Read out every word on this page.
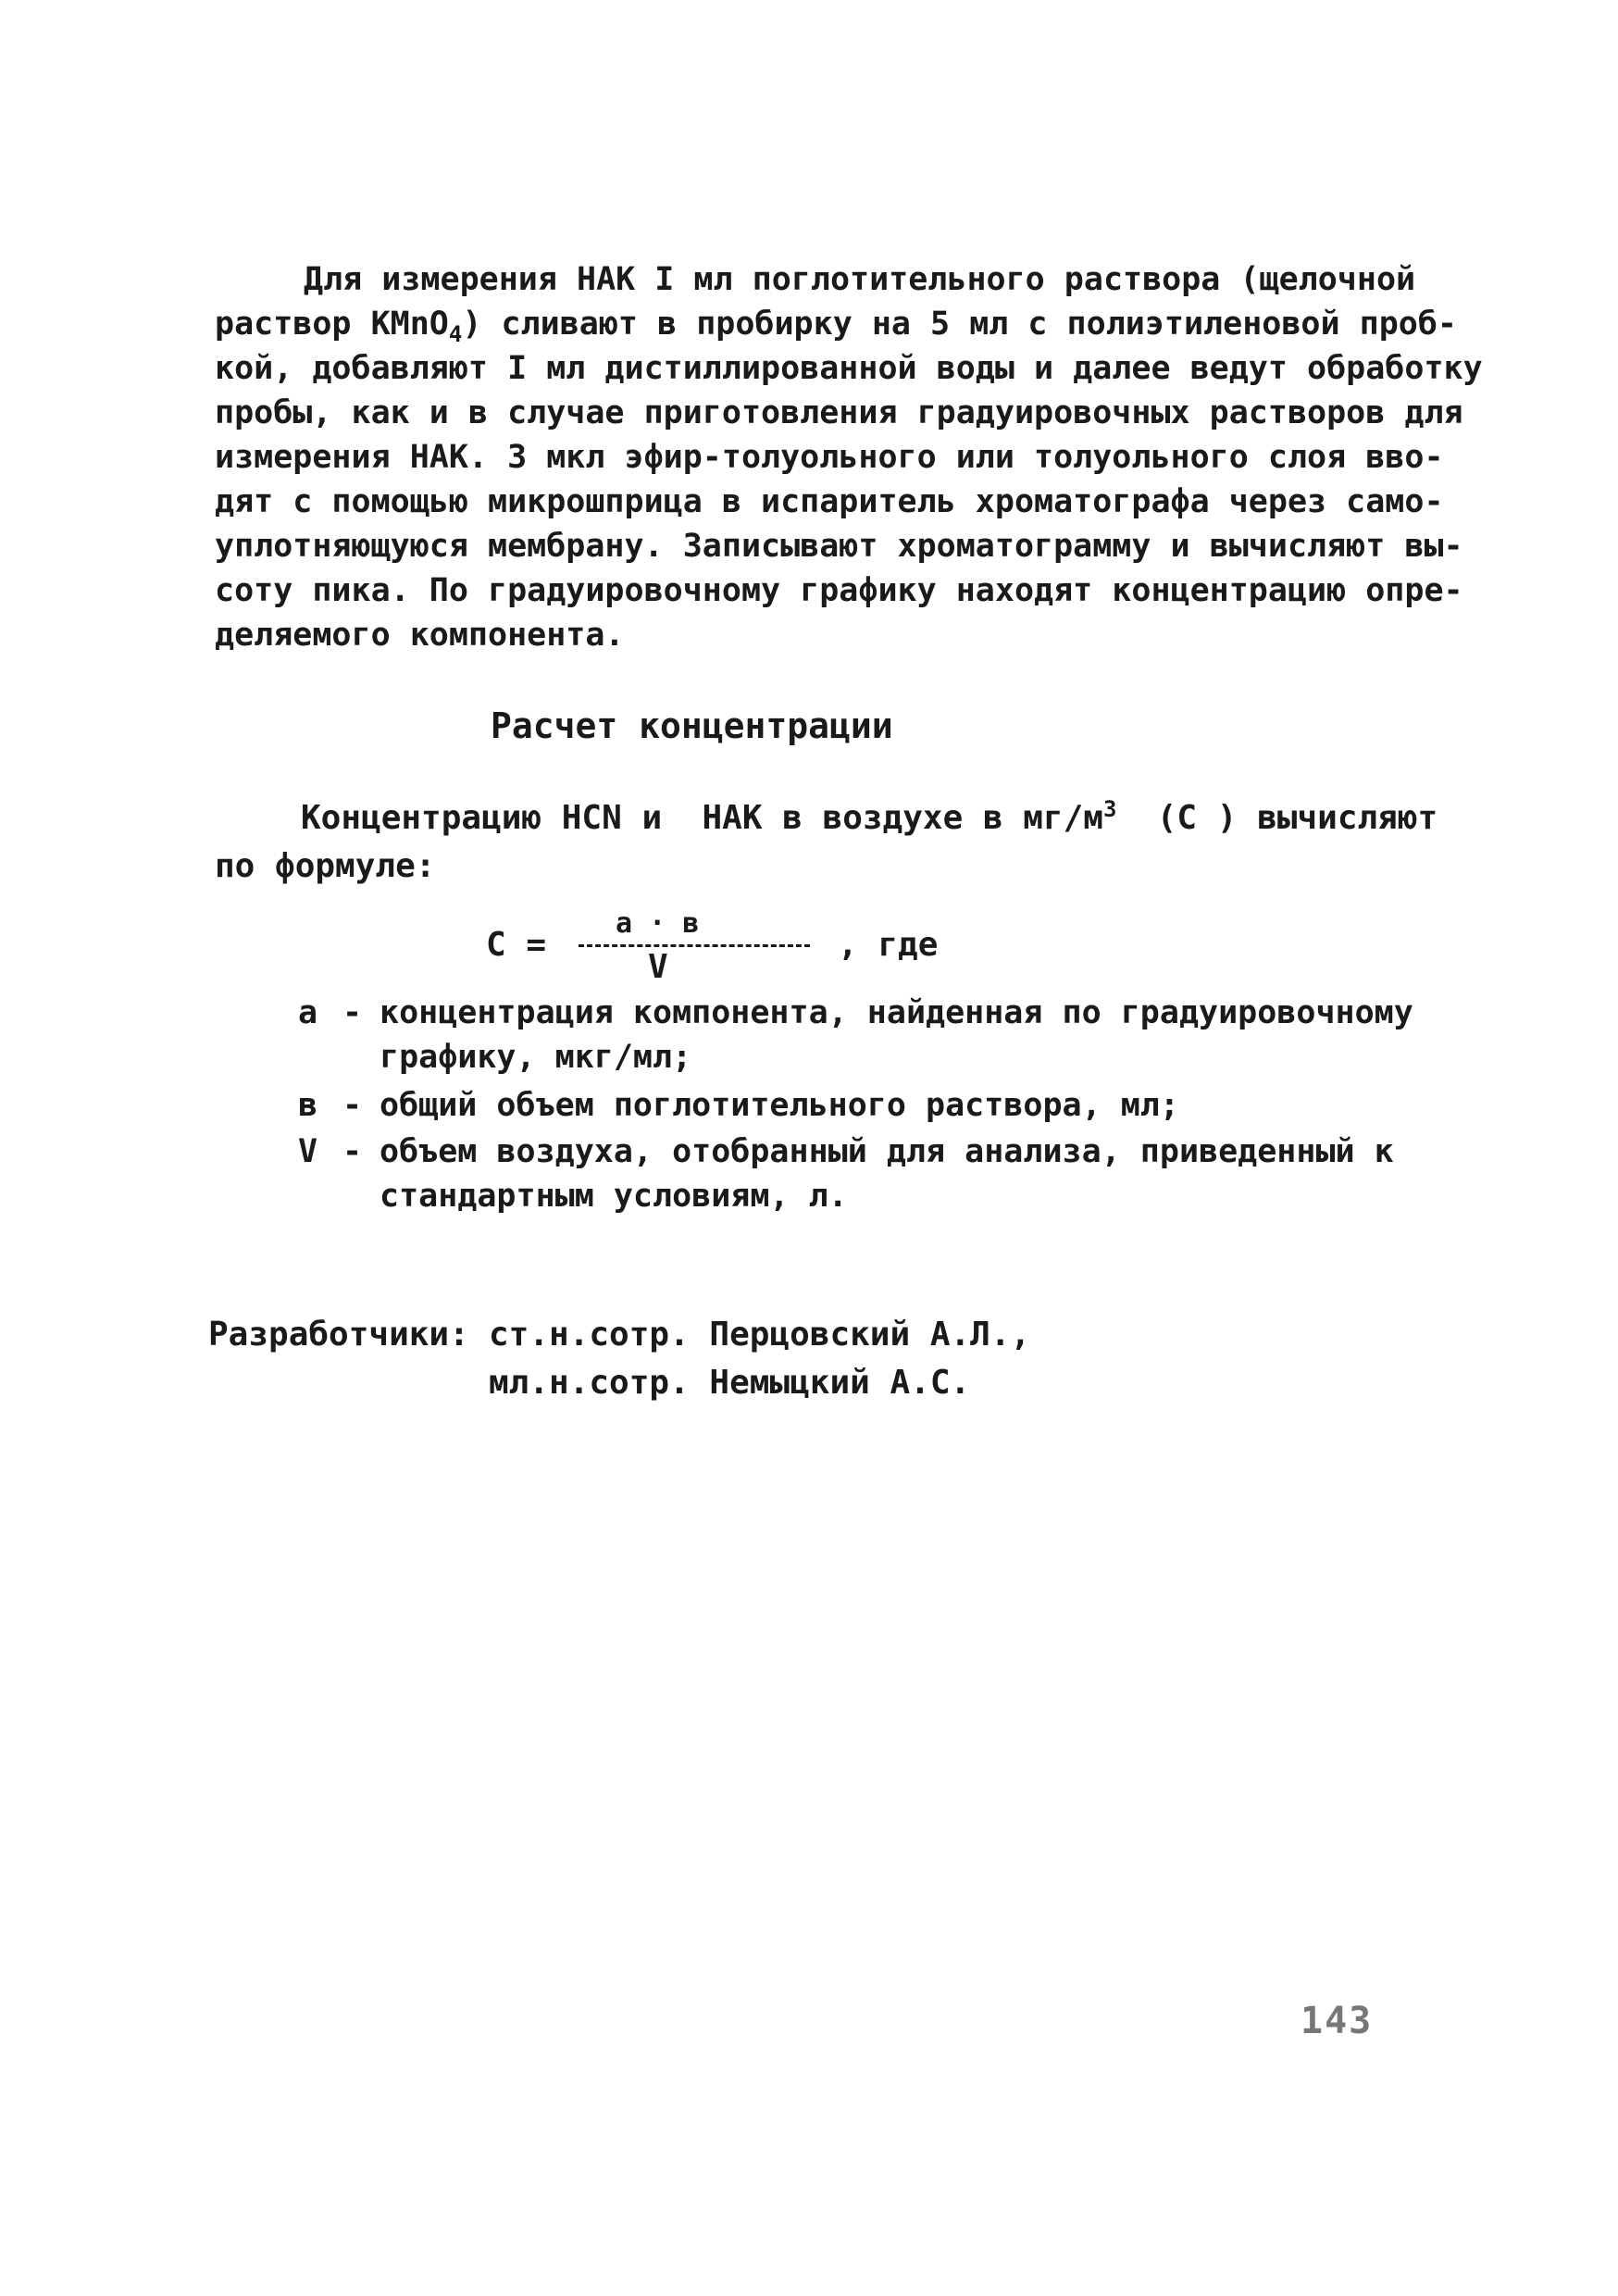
Для измерения НАК I мл поглотительного раствора (щелочной
раствор KMnO$_4$) сливают в пробирку на 5 мл с полиэтиленовой проб-
кой, добавляют I мл дистиллированной воды и далее ведут обработку
пробы, как и в случае приготовления градуировочных растворов для
измерения НАК. 3 мкл эфир-толуольного или толуольного слоя вво-
дят с помощью микрошприца в испаритель хроматографа через само-
уплотняющуюся мембрану. Записывают хроматограмму и вычисляют вы-
соту пика. По градуировочному графику находят концентрацию опре-
деляемого компонента.
Расчет концентрации
Концентрацию HCN и  НАК в воздухе в $мг/м^3$  (С ) вычисляют
по формуле:
С =
а · в
V
, где
а - концентрация компонента, найденная по градуировочному
графику, мкг/мл;
в - общий объем поглотительного раствора, мл;
V - объем воздуха, отобранный для анализа, приведенный к
стандартным условиям, л.
Разработчики: ст.н.сотр. Перцовский А.Л.,
мл.н.сотр. Немыцкий А.С.
143
